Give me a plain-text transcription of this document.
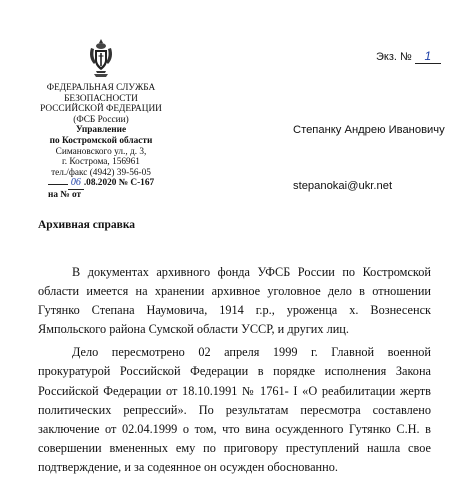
Экз. № 1
ФЕДЕРАЛЬНАЯ СЛУЖБА
БЕЗОПАСНОСТИ
РОССИЙСКОЙ ФЕДЕРАЦИИ
(ФСБ России)
Управление
по Костромской области
Симановского ул., д. 3,
г. Кострома, 156961
тел./факс (4942) 39-56-05
06 .08.2020 № С-167
на № от
Степанку Андрею Ивановичу
stepanokai@ukr.net
Архивная справка

В документах архивного фонда УФСБ России по Костромской области имеется на хранении архивное уголовное дело в отношении Гутянко Степана Наумовича, 1914 г.р., уроженца х. Вознесенск Ямпольского района Сумской области УССР, и других лиц.

Дело пересмотрено 02 апреля 1999 г. Главной военной прокуратурой Российской Федерации в порядке исполнения Закона Российской Федерации от 18.10.1991 № 1761- I «О реабилитации жертв политических репрессий». По результатам пересмотра составлено заключение от 02.04.1999 о том, что вина осужденного Гутянко С.Н. в совершении вмененных ему по приговору преступлений нашла свое подтверждение, и за содеянное он осужден обоснованно.
